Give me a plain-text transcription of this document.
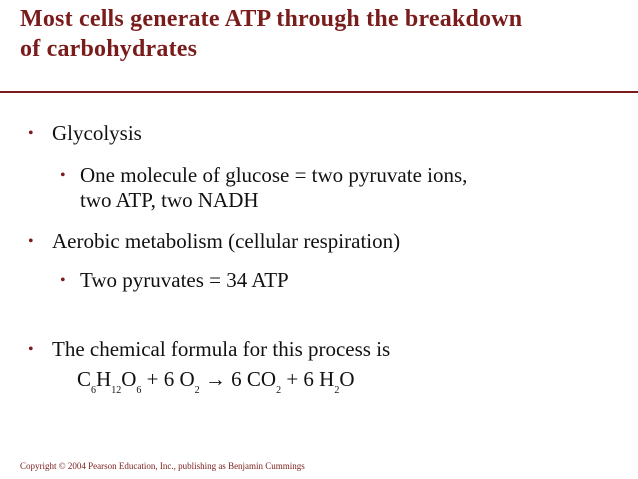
Most cells generate ATP through the breakdown
of carbohydrates
• Glycolysis
• One molecule of glucose = two pyruvate ions,
two ATP, two NADH
• Aerobic metabolism (cellular respiration)
• Two pyruvates = 34 ATP
• The chemical formula for this process is
$C_6H_{12}O_6 + 6$ $O_2 \to 6$ $CO_2 + 6$ $H_2O$
Copyright © 2004 Pearson Education, Inc., publishing as Benjamin Cummings
